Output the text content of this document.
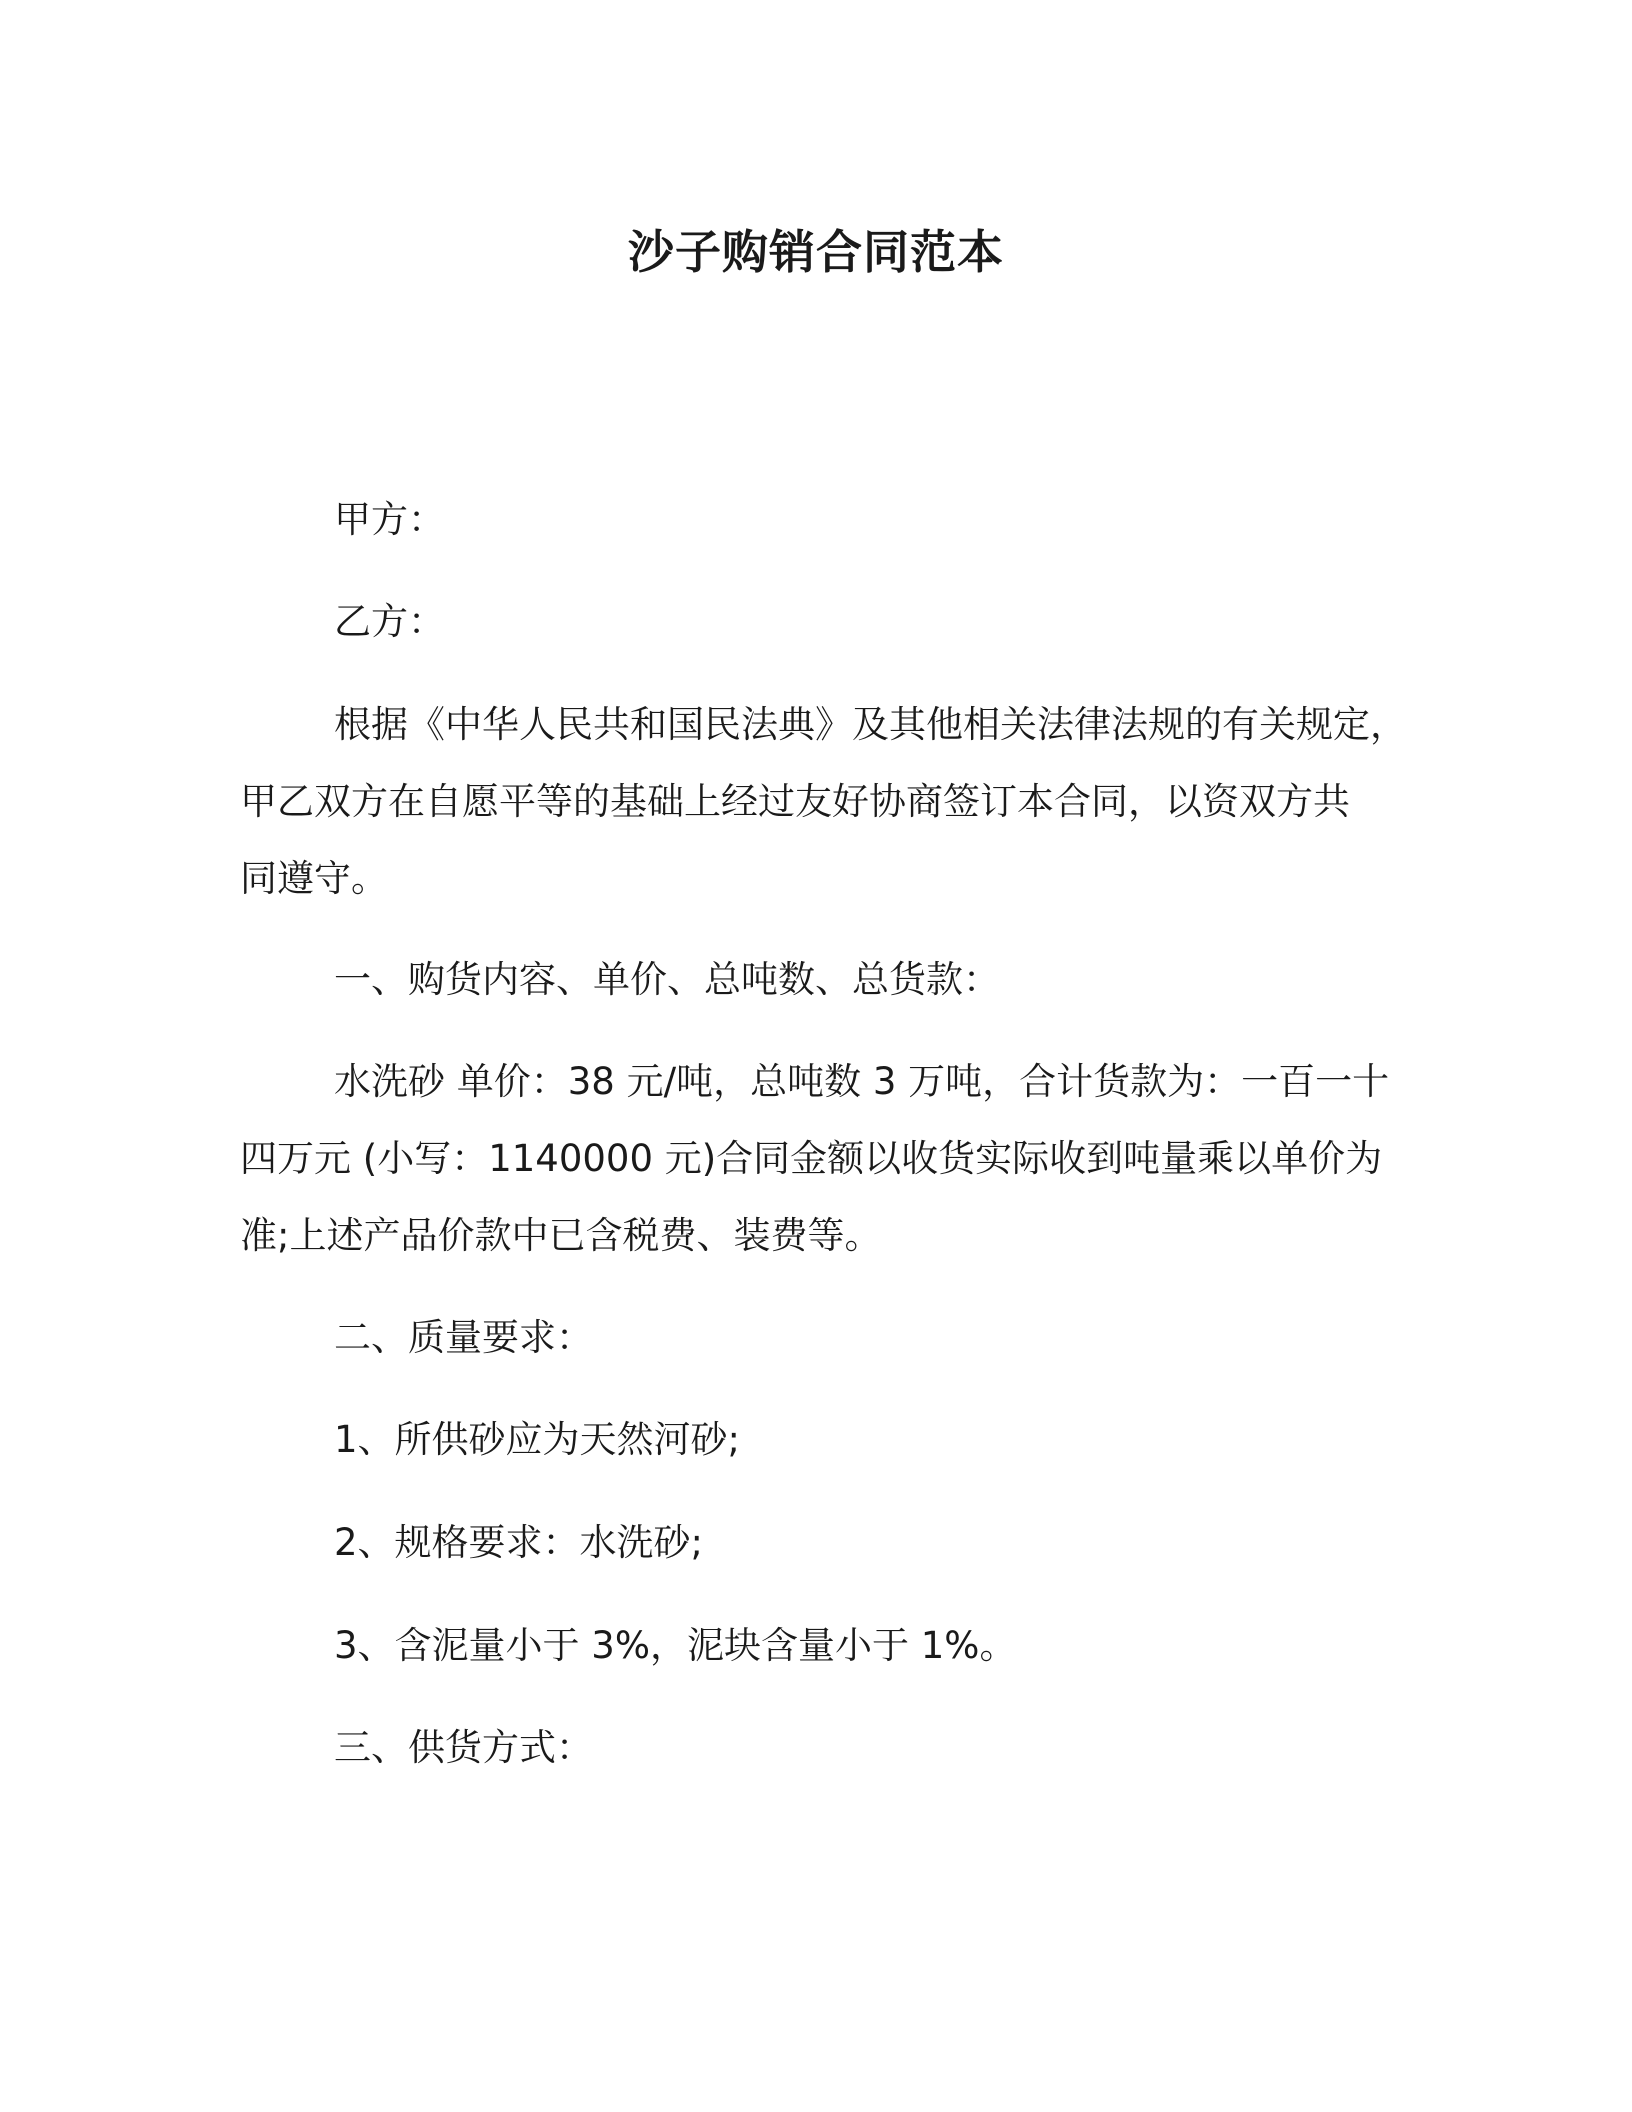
沙子购销合同范本
甲方：
乙方：
根据《中华人民共和国民法典》及其他相关法律法规的有关规定，
甲乙双方在自愿平等的基础上经过友好协商签订本合同，以资双方共
同遵守。
一、购货内容、单价、总吨数、总货款：
水洗砂 单价：38 元/吨，总吨数 3 万吨，合计货款为：一百一十
四万元 (小写：1140000 元)合同金额以收货实际收到吨量乘以单价为
准;上述产品价款中已含税费、装费等。
二、质量要求：
1、所供砂应为天然河砂;
2、规格要求：水洗砂;
3、含泥量小于 3%，泥块含量小于 1%。
三、供货方式：
